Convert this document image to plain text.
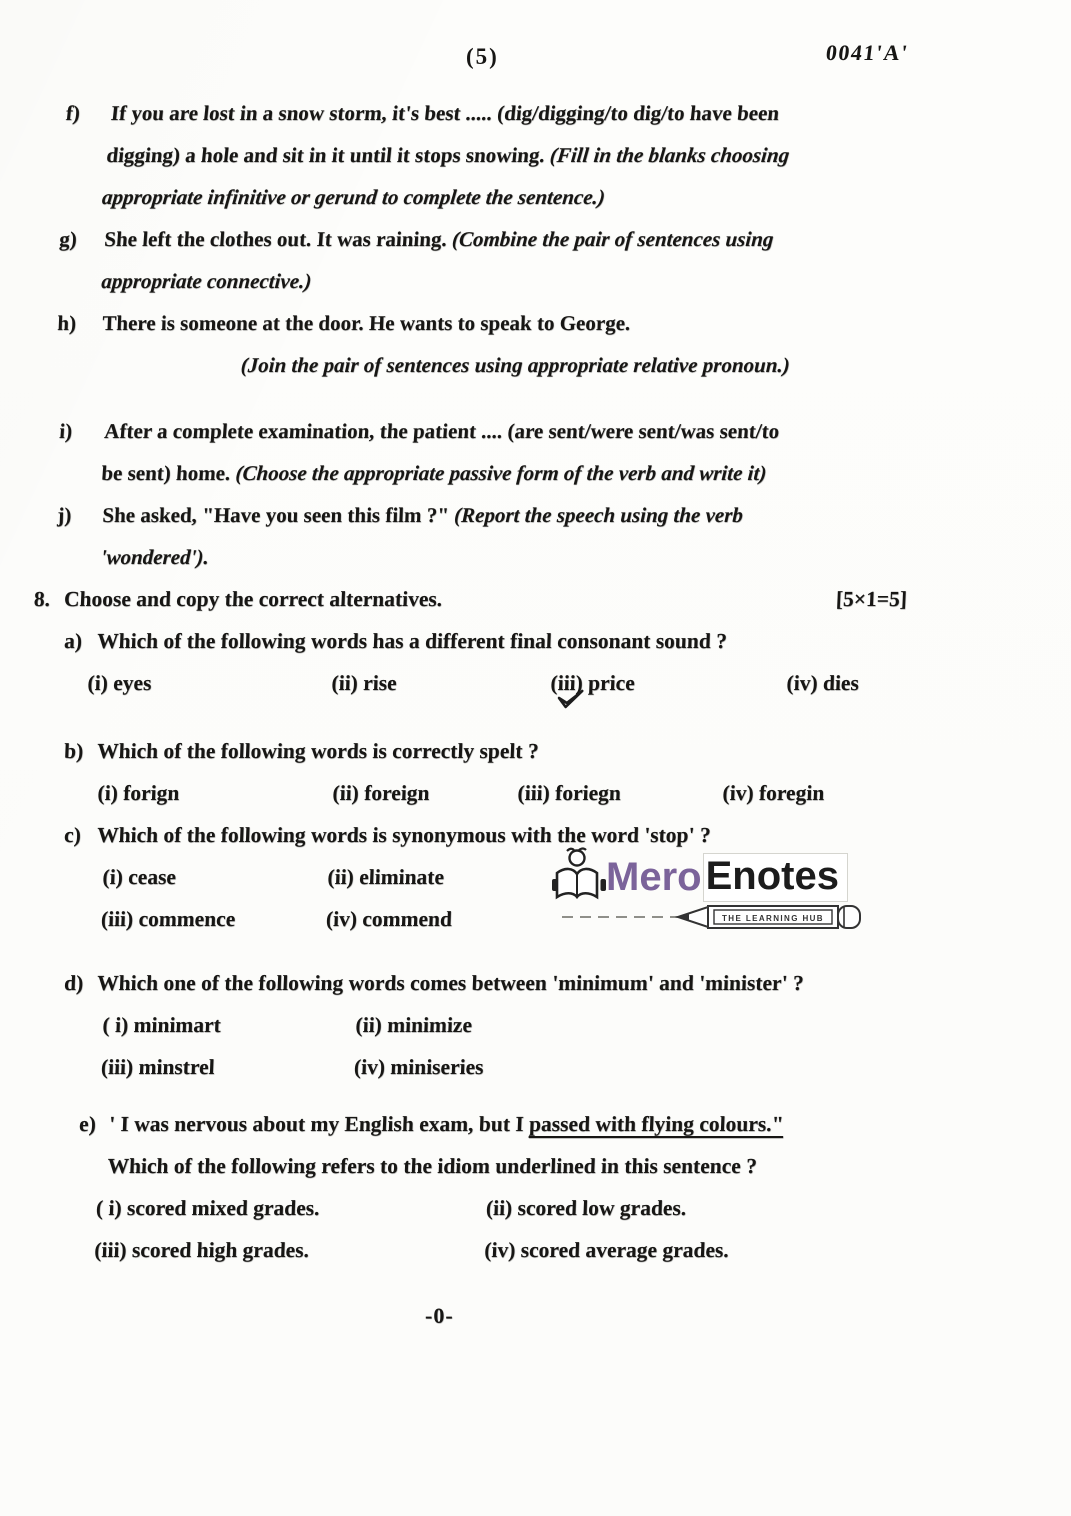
(5)	0041'A'
f)	If you are lost in a snow storm, it's best ..... (dig/digging/to dig/to have been
digging) a hole and sit in it until it stops snowing. (Fill in the blanks choosing
appropriate infinitive or gerund to complete the sentence.)
g)	She left the clothes out. It was raining. (Combine the pair of sentences using
appropriate connective.)
h)	There is someone at the door. He wants to speak to George.
(Join the pair of sentences using appropriate relative pronoun.)
i)	After a complete examination, the patient .... (are sent/were sent/was sent/to
be sent) home. (Choose the appropriate passive form of the verb and write it)
j)	She asked, "Have you seen this film ?" (Report the speech using the verb
'wondered').
8. Choose and copy the correct alternatives.	[5×1=5]
a) Which of the following words has a different final consonant sound ?
(i) eyes	(ii) rise	(iii) price	(iv) dies
b) Which of the following words is correctly spelt ?
(i) forign	(ii) foreign	(iii) foriegn	(iv) foregin
c) Which of the following words is synonymous with the word 'stop' ?
(i) cease	(ii) eliminate
(iii) commence	(iv) commend
d) Which one of the following words comes between 'minimum' and 'minister' ?
( i) minimart	(ii) minimize
(iii) minstrel	(iv) miniseries
e) ' I was nervous about my English exam, but I passed with flying colours."
Which of the following refers to the idiom underlined in this sentence ?
( i) scored mixed grades.	(ii) scored low grades.
(iii) scored high grades.	(iv) scored average grades.
-0-
Mero Enotes
THE LEARNING HUB
